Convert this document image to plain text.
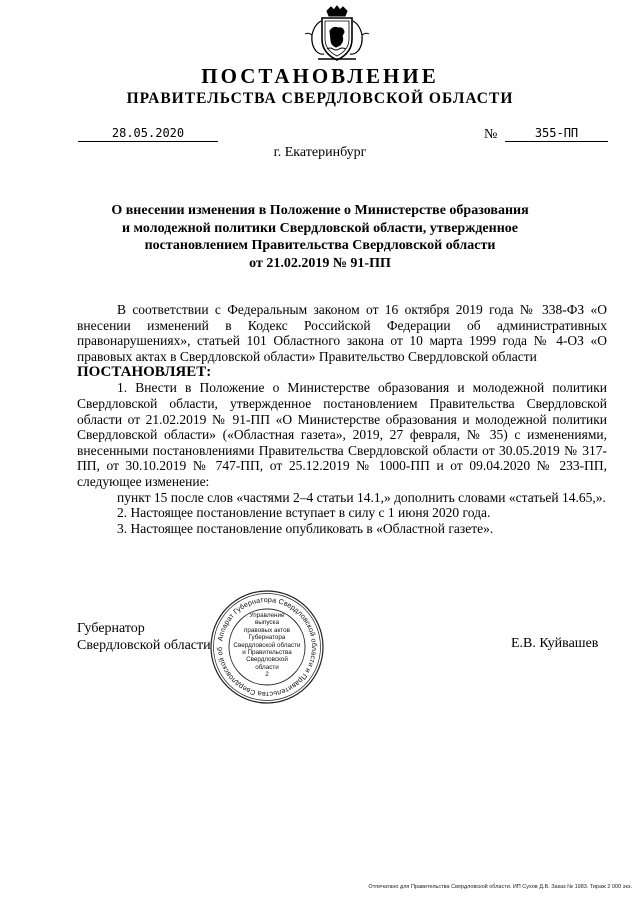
ПОСТАНОВЛЕНИЕ
ПРАВИТЕЛЬСТВА СВЕРДЛОВСКОЙ ОБЛАСТИ
28.05.2020	№	355-ПП
г. Екатеринбург
О внесении изменения в Положение о Министерстве образования
и молодежной политики Свердловской области, утвержденное
постановлением Правительства Свердловской области
от 21.02.2019 № 91-ПП

В соответствии с Федеральным законом от 16 октября 2019 года № 338-ФЗ «О внесении изменений в Кодекс Российской Федерации об административных правонарушениях», статьей 101 Областного закона от 10 марта 1999 года № 4-ОЗ «О правовых актах в Свердловской области» Правительство Свердловской области

ПОСТАНОВЛЯЕТ:

1. Внести в Положение о Министерстве образования и молодежной политики Свердловской области, утвержденное постановлением Правительства Свердловской области от 21.02.2019 № 91-ПП «О Министерстве образования и молодежной политики Свердловской области» («Областная газета», 2019, 27 февраля, № 35) с изменениями, внесенными постановлениями Правительства Свердловской области от 30.05.2019 № 317-ПП, от 30.10.2019 № 747-ПП, от 25.12.2019 № 1000-ПП и от 09.04.2020 № 233-ПП, следующее изменение:

пункт 15 после слов «частями 2–4 статьи 14.1,» дополнить словами «статьей 14.65,».

2. Настоящее постановление вступает в силу с 1 июня 2020 года.

3. Настоящее постановление опубликовать в «Областной газете».

Губернатор
Свердловской области Аппарат Губернатора Свердловской области и Правительства Свердловской об
Управление
выпуска
правовых актов
Губернатора
Свердловской области
и Правительства
Свердловской
области
2
Е.В. Куйвашев
Отпечатано для Правительства Свердловской области. ИП Сухов Д.В. Заказ № 1983. Тираж 2 000 экз.
